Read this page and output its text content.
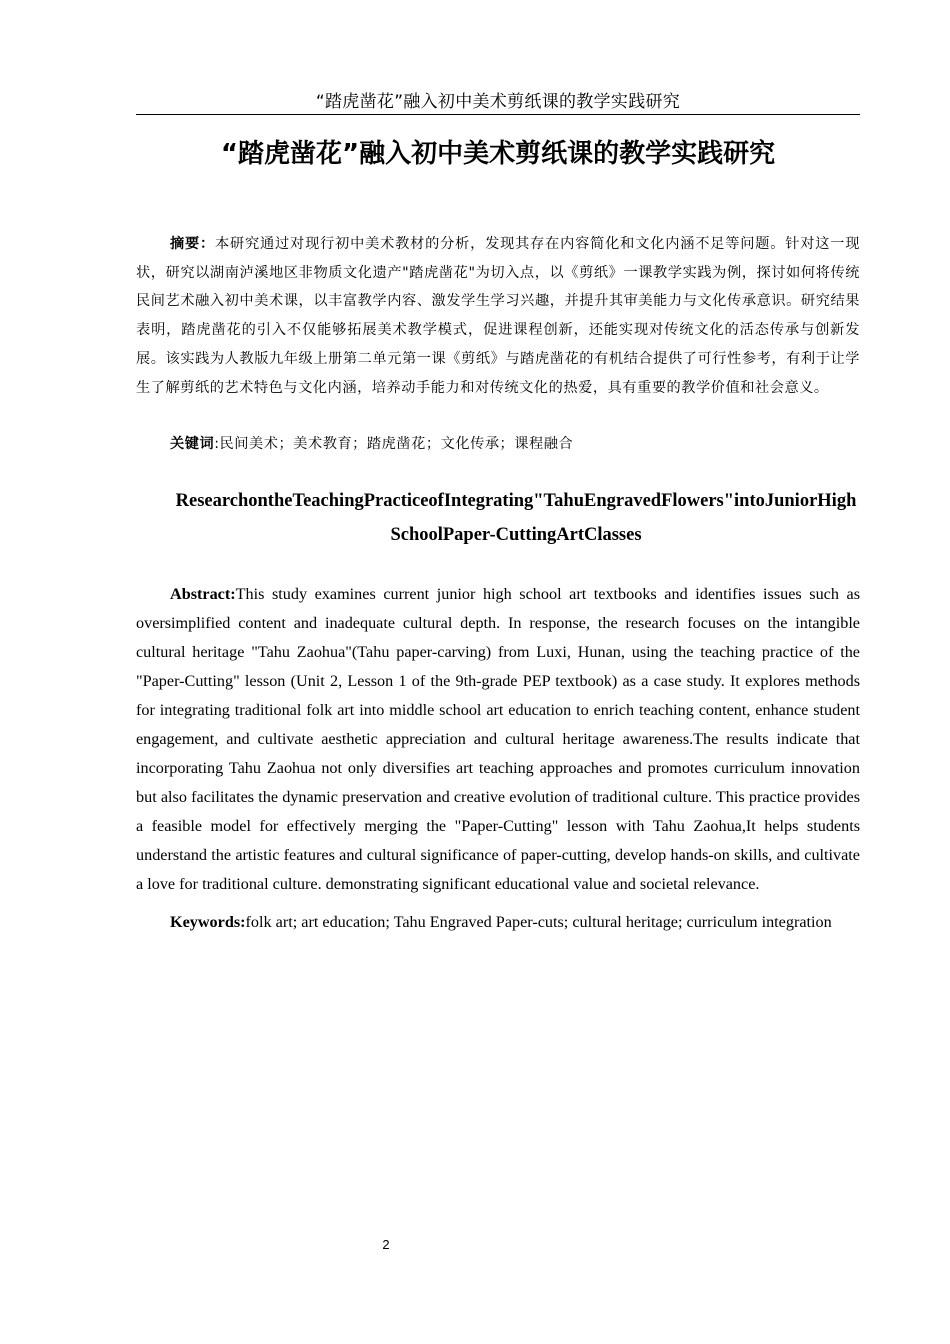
“踏虎凿花”融入初中美术剪纸课的教学实践研究
“踏虎凿花”融入初中美术剪纸课的教学实践研究

摘要：本研究通过对现行初中美术教材的分析，发现其存在内容简化和文化内涵不足等问题。针对这一现状，研究以湖南泸溪地区非物质文化遗产"踏虎凿花"为切入点，以《剪纸》一课教学实践为例，探讨如何将传统民间艺术融入初中美术课，以丰富教学内容、激发学生学习兴趣，并提升其审美能力与文化传承意识。研究结果表明，踏虎凿花的引入不仅能够拓展美术教学模式，促进课程创新，还能实现对传统文化的活态传承与创新发展。该实践为人教版九年级上册第二单元第一课《剪纸》与踏虎凿花的有机结合提供了可行性参考，有利于让学生了解剪纸的艺术特色与文化内涵，培养动手能力和对传统文化的热爱，具有重要的教学价值和社会意义。

关键词:民间美术；美术教育；踏虎凿花；文化传承；课程融合

ResearchontheTeachingPracticeofIntegrating"TahuEngravedFlowers"intoJuniorHighSchoolPaper-CuttingArtClasses

Abstract:This study examines current junior high school art textbooks and identifies issues such as oversimplified content and inadequate cultural depth. In response, the research focuses on the intangible cultural heritage "Tahu Zaohua"(Tahu paper-carving) from Luxi, Hunan, using the teaching practice of the "Paper-Cutting" lesson (Unit 2, Lesson 1 of the 9th-grade PEP textbook) as a case study. It explores methods for integrating traditional folk art into middle school art education to enrich teaching content, enhance student engagement, and cultivate aesthetic appreciation and cultural heritage awareness.The results indicate that incorporating Tahu Zaohua not only diversifies art teaching approaches and promotes curriculum innovation but also facilitates the dynamic preservation and creative evolution of traditional culture. This practice provides a feasible model for effectively merging the "Paper-Cutting" lesson with Tahu Zaohua,It helps students understand the artistic features and cultural significance of paper-cutting, develop hands-on skills, and cultivate a love for traditional culture. demonstrating significant educational value and societal relevance.

Keywords:folk art; art education; Tahu Engraved Paper-cuts; cultural heritage; curriculum integration

2
